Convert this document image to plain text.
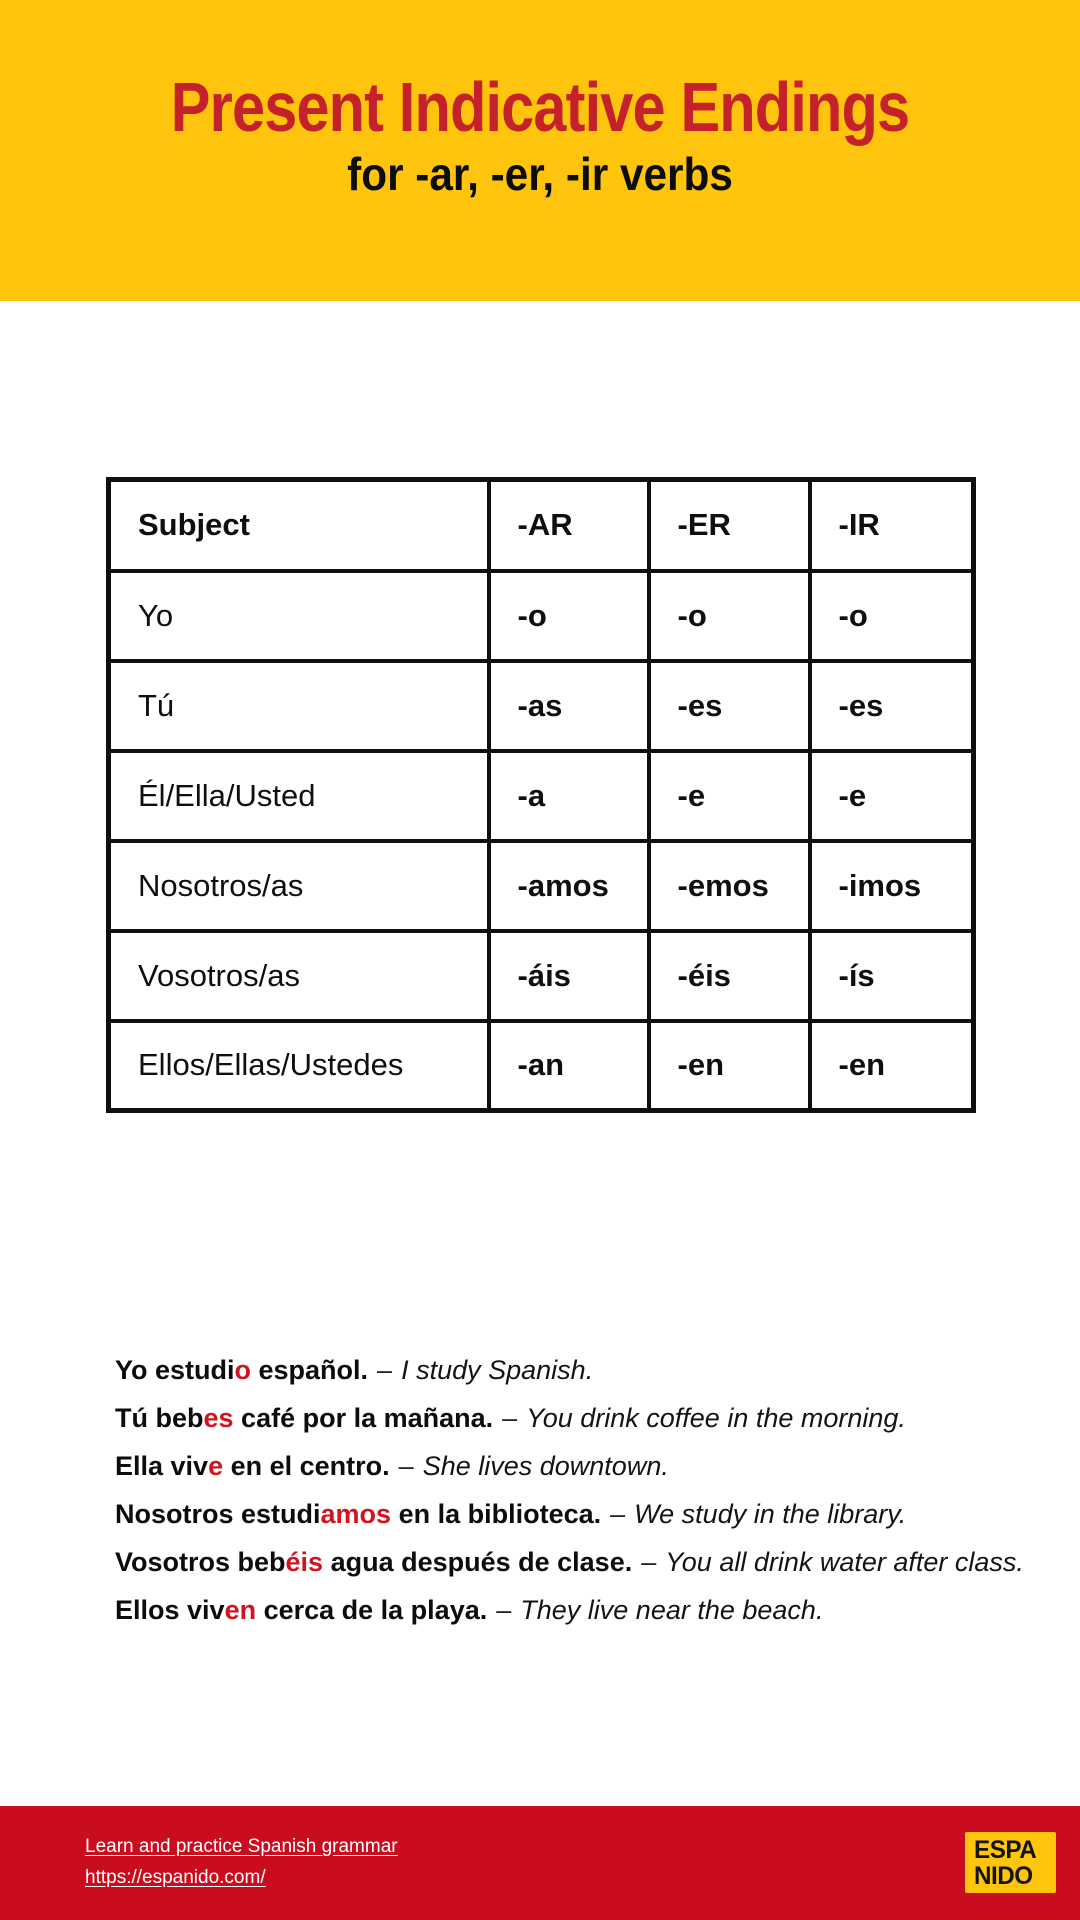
Present Indicative Endings
for -ar, -er, -ir verbs
Subject	-AR	-ER	-IR
Yo	-o	-o	-o
Tú	-as	-es	-es
Él/Ella/Usted	-a	-e	-e
Nosotros/as	-amos	-emos	-imos
Vosotros/as	-áis	-éis	-ís
Ellos/Ellas/Ustedes	-an	-en	-en

Yo estudio español. – I study Spanish.

Tú bebes café por la mañana. – You drink coffee in the morning.

Ella vive en el centro. – She lives downtown.

Nosotros estudiamos en la biblioteca. – We study in the library.

Vosotros bebéis agua después de clase. – You all drink water after class.

Ellos viven cerca de la playa. – They live near the beach.

Learn and practice Spanish grammar
https://espanido.com/
ESPA
NIDO
